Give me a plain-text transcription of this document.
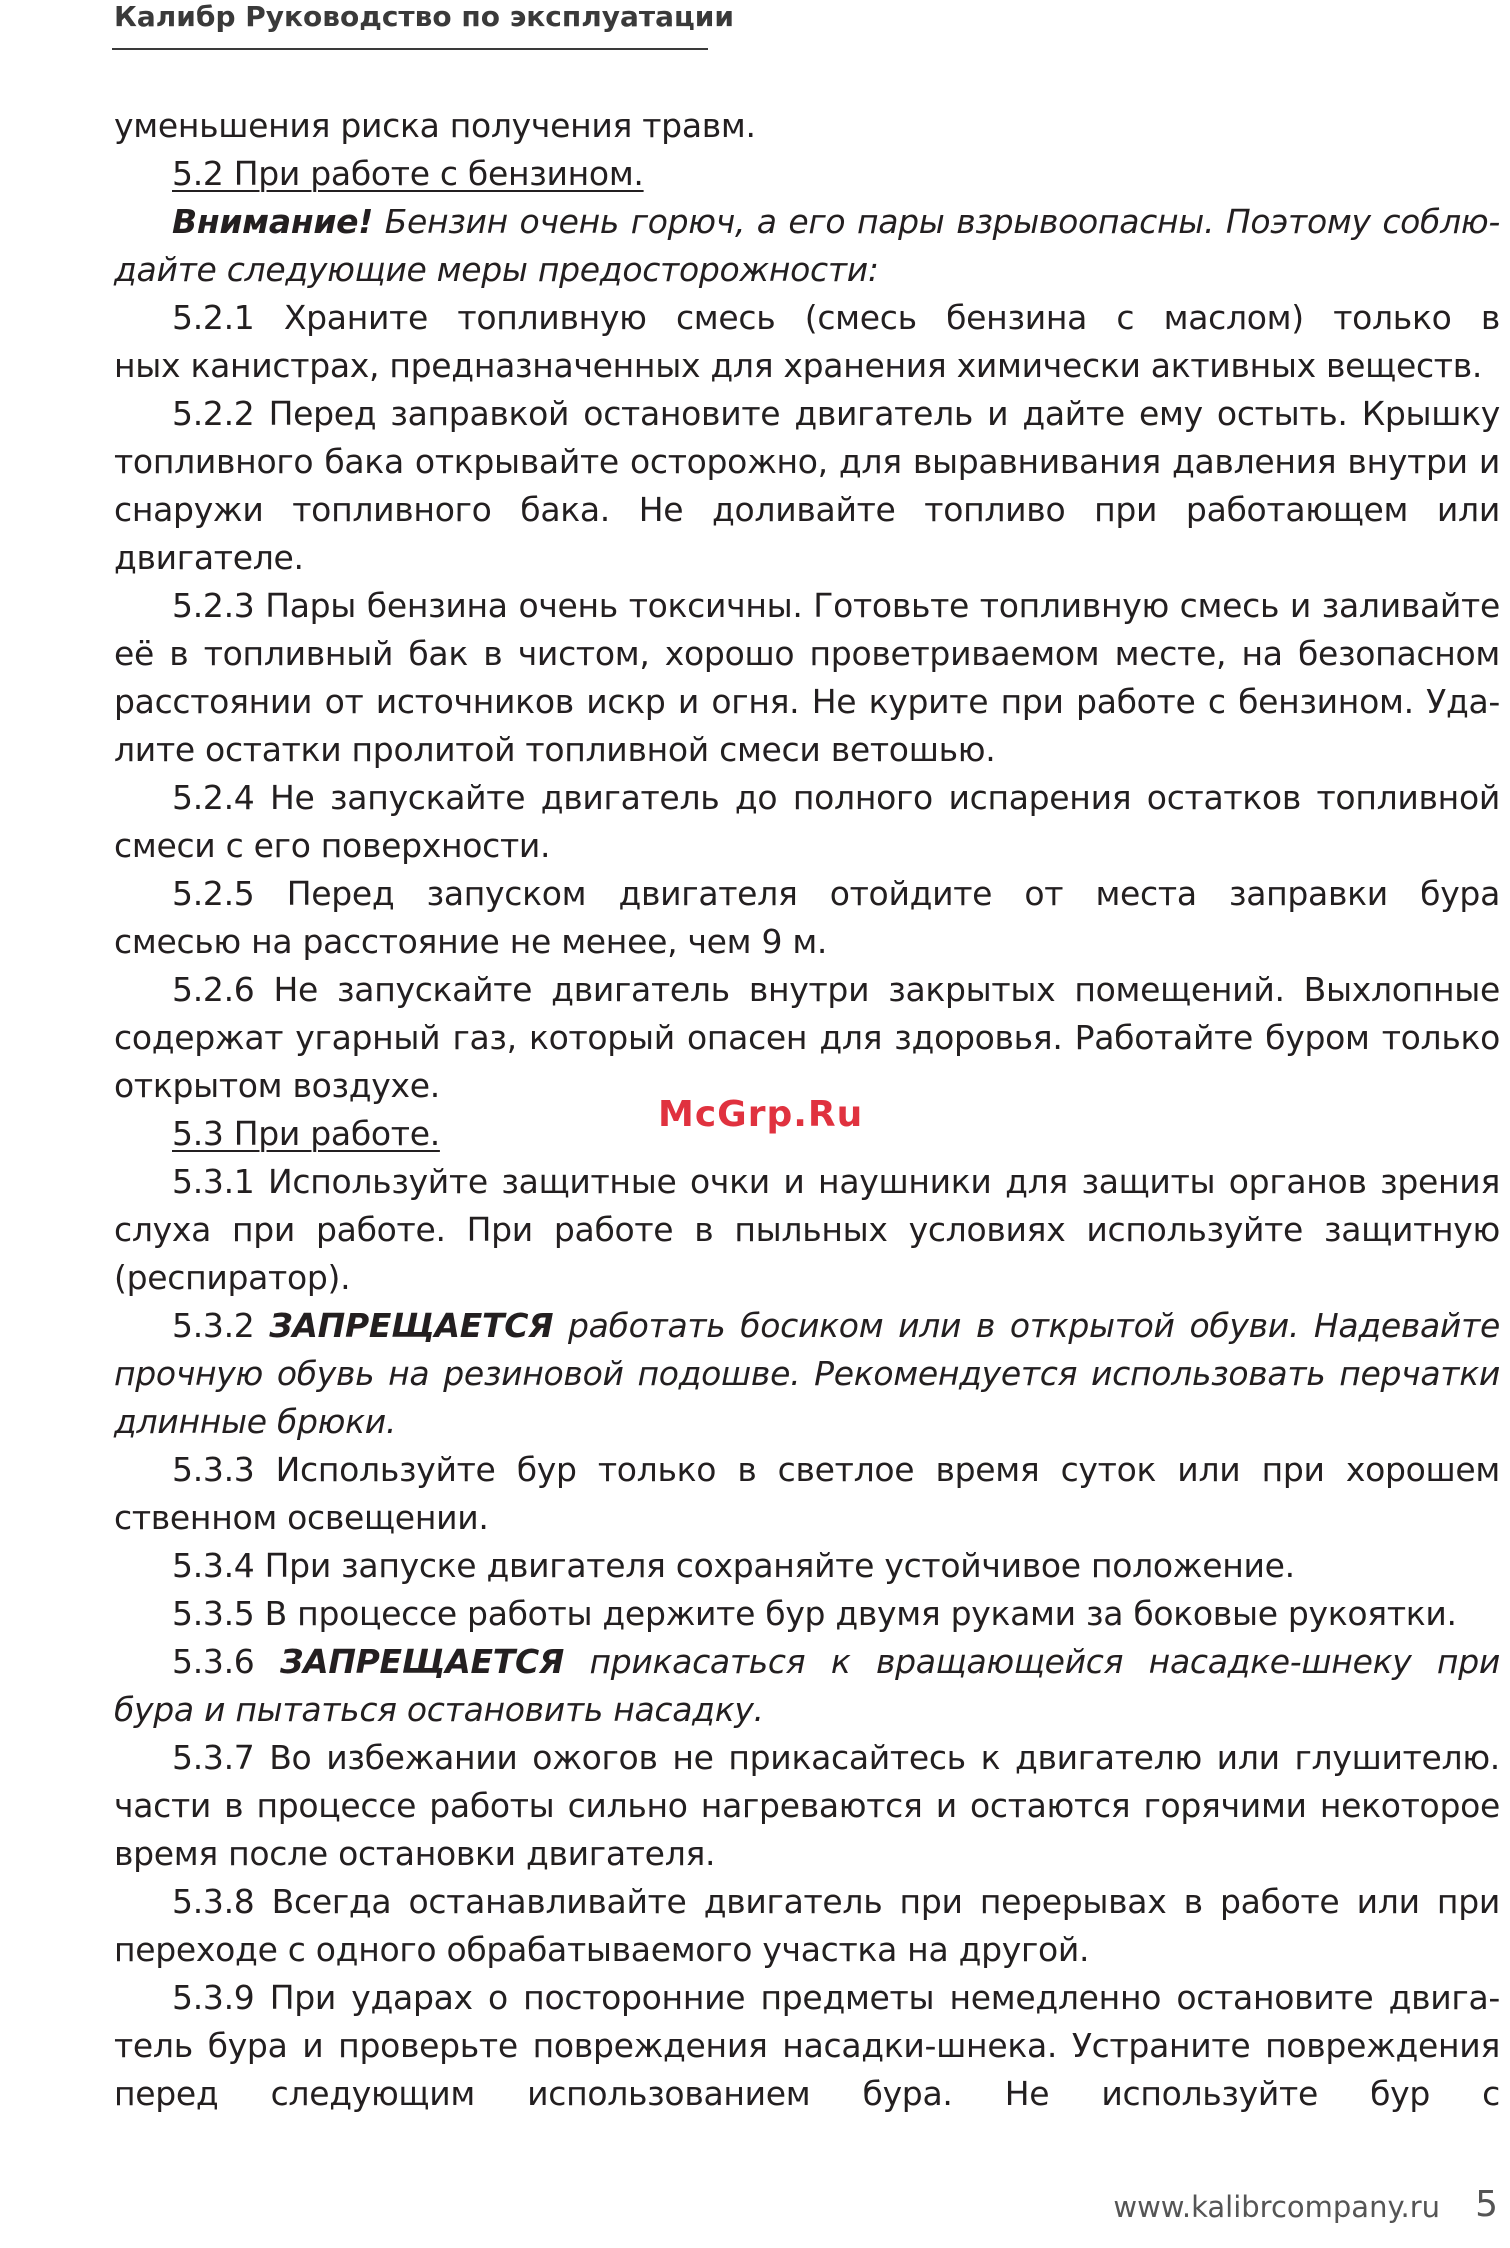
Калибр Руководство по эксплуатации
уменьшения риска получения травм.
5.2 При работе с бензином.
Внимание! Бензин очень горюч, а его пары взрывоопасны. Поэтому соблю-
дайте следующие меры предосторожности:
5.2.1 Храните топливную смесь (смесь бензина с маслом) только в
ных канистрах, предназначенных для хранения химически активных веществ.
5.2.2 Перед заправкой остановите двигатель и дайте ему остыть. Крышку
топливного бака открывайте осторожно, для выравнивания давления внутри и
снаружи топливного бака. Не доливайте топливо при работающем или
двигателе.
5.2.3 Пары бензина очень токсичны. Готовьте топливную смесь и заливайте
её в топливный бак в чистом, хорошо проветриваемом месте, на безопасном
расстоянии от источников искр и огня. Не курите при работе с бензином. Уда-
лите остатки пролитой топливной смеси ветошью.
5.2.4 Не запускайте двигатель до полного испарения остатков топливной
смеси с его поверхности.
5.2.5 Перед запуском двигателя отойдите от места заправки бура
смесью на расстояние не менее, чем 9 м.
5.2.6 Не запускайте двигатель внутри закрытых помещений. Выхлопные
содержат угарный газ, который опасен для здоровья. Работайте буром только
открытом воздухе.
5.3 При работе.
5.3.1 Используйте защитные очки и наушники для защиты органов зрения
слуха при работе. При работе в пыльных условиях используйте защитную
(респиратор).
5.3.2 ЗАПРЕЩАЕТСЯ работать босиком или в открытой обуви. Надевайте
прочную обувь на резиновой подошве. Рекомендуется использовать перчатки
длинные брюки.
5.3.3 Используйте бур только в светлое время суток или при хорошем
ственном освещении.
5.3.4 При запуске двигателя сохраняйте устойчивое положение.
5.3.5 В процессе работы держите бур двумя руками за боковые рукоятки.
5.3.6 ЗАПРЕЩАЕТСЯ прикасаться к вращающейся насадке-шнеку при
бура и пытаться остановить насадку.
5.3.7 Во избежании ожогов не прикасайтесь к двигателю или глушителю.
части в процессе работы сильно нагреваются и остаются горячими некоторое
время после остановки двигателя.
5.3.8 Всегда останавливайте двигатель при перерывах в работе или при
переходе с одного обрабатываемого участка на другой.
5.3.9 При ударах о посторонние предметы немедленно остановите двига-
тель бура и проверьте повреждения насадки-шнека. Устраните повреждения
перед следующим использованием бура. Не используйте бур с
McGrp.Ru
www.kalibrcompany.ru 5
